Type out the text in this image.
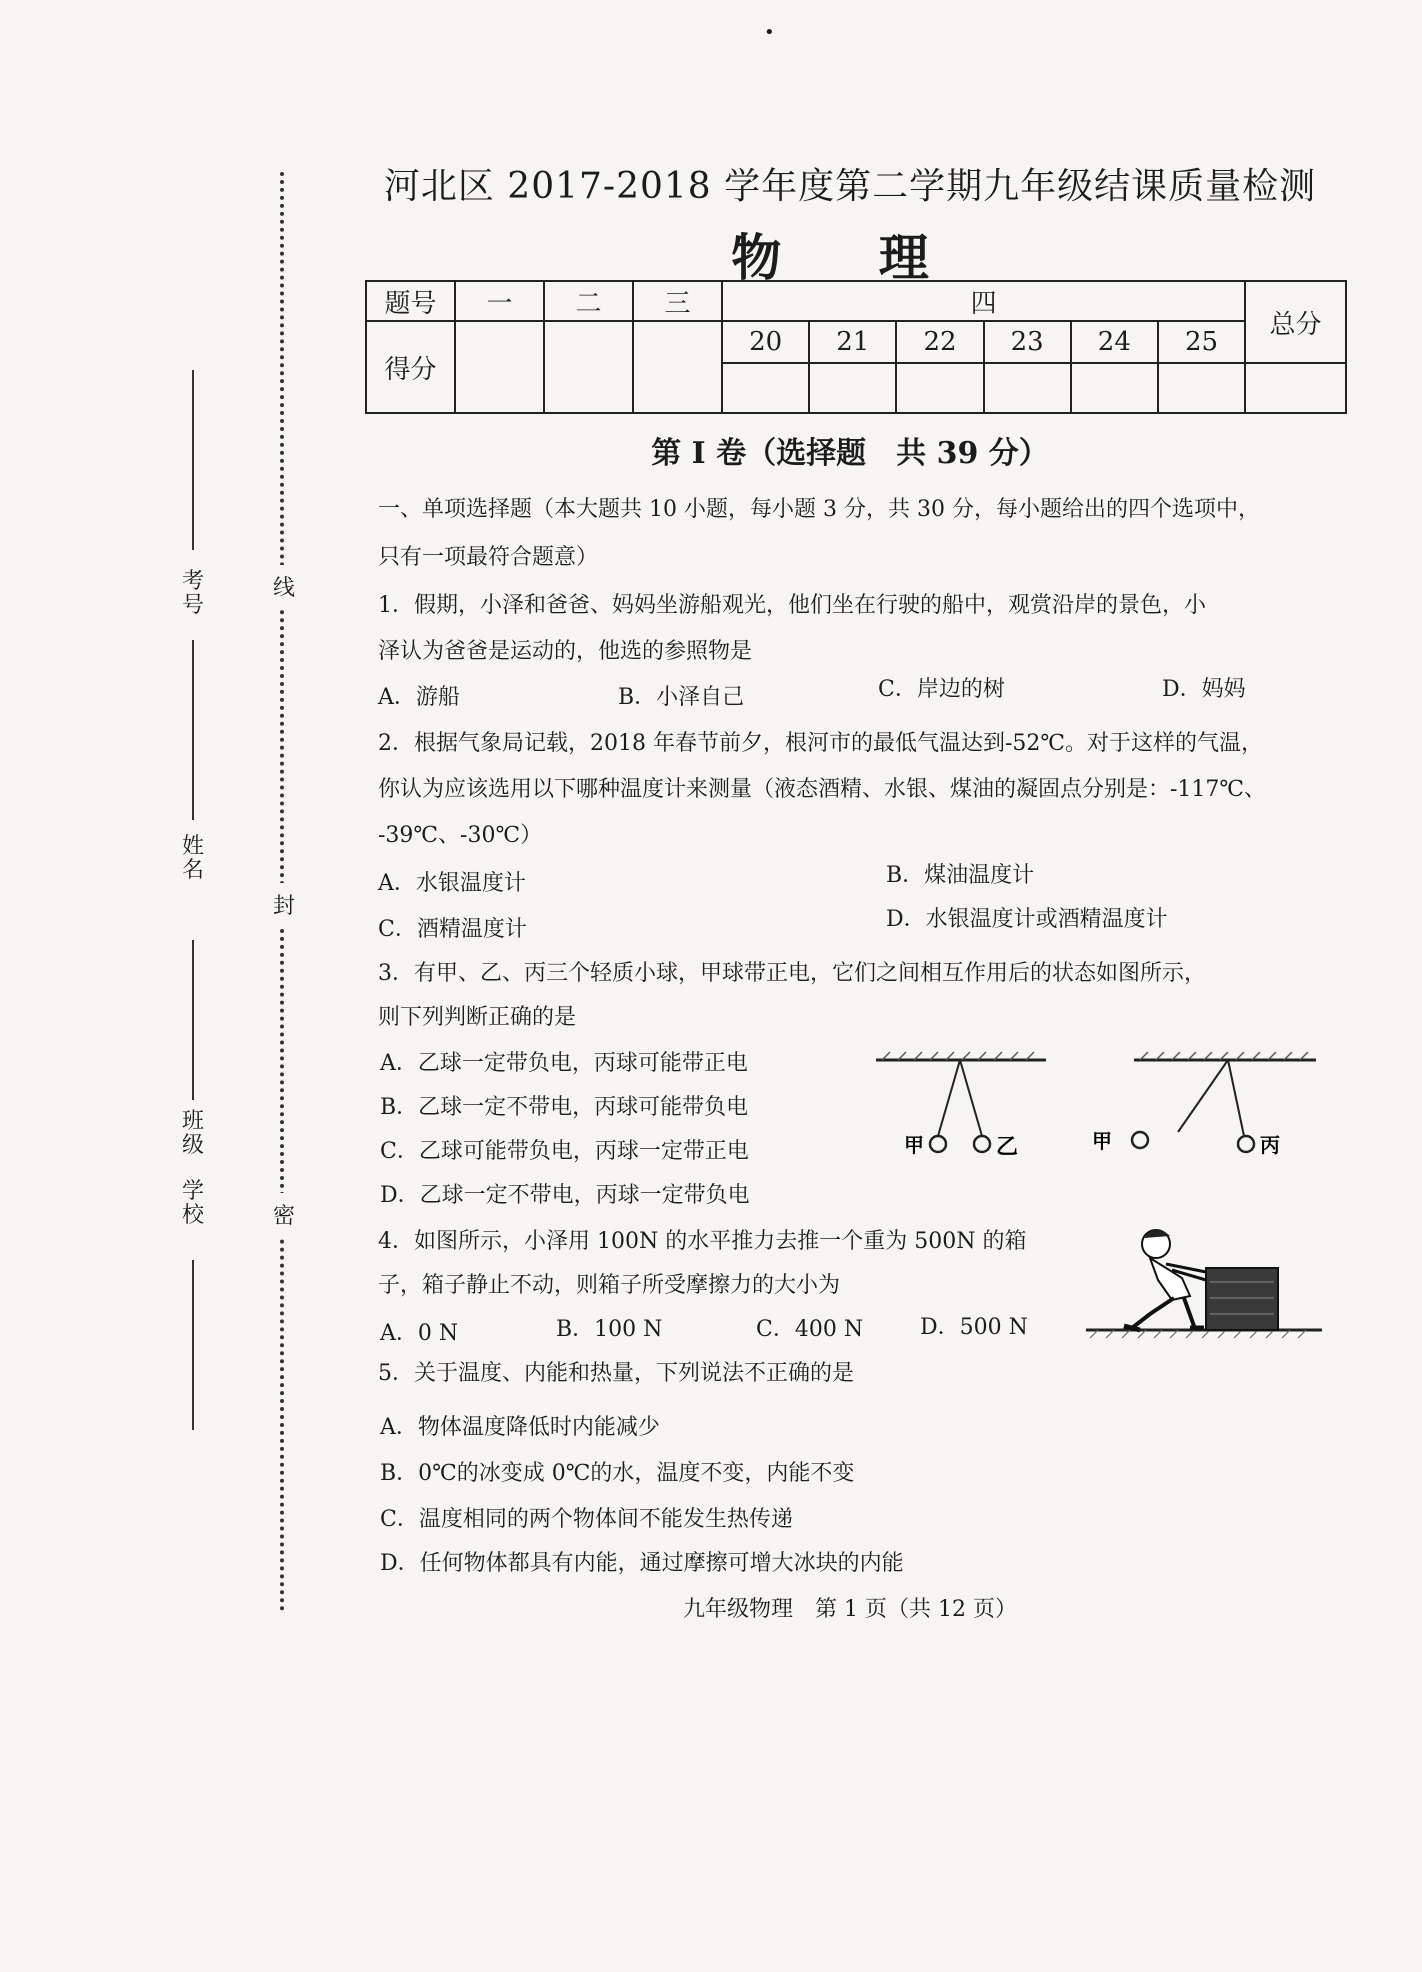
线
封
密
考号
姓名
班级
学校
•
河北区 2017-2018 学年度第二学期九年级结课质量检测
物 理
题号	一	二	三	四						总分
得分				20	21	22	23	24	25	

第 I 卷（选择题　共 39 分）
一、单项选择题（本大题共 10 小题，每小题 3 分，共 30 分，每小题给出的四个选项中，
只有一项最符合题意）
1．假期，小泽和爸爸、妈妈坐游船观光，他们坐在行驶的船中，观赏沿岸的景色，小
泽认为爸爸是运动的，他选的参照物是
A．游船	B．小泽自己	C．岸边的树	D．妈妈
2．根据气象局记载，2018 年春节前夕，根河市的最低气温达到-52℃。对于这样的气温，
你认为应该选用以下哪种温度计来测量（液态酒精、水银、煤油的凝固点分别是：-117℃、
-39℃、-30℃）
A．水银温度计	B．煤油温度计
C．酒精温度计	D．水银温度计或酒精温度计
3．有甲、乙、丙三个轻质小球，甲球带正电，它们之间相互作用后的状态如图所示，
则下列判断正确的是
A．乙球一定带负电，丙球可能带正电
B．乙球一定不带电，丙球可能带负电
C．乙球可能带负电，丙球一定带正电
D．乙球一定不带电，丙球一定带负电
甲	乙	甲	丙
4．如图所示，小泽用 100N 的水平推力去推一个重为 500N 的箱
子，箱子静止不动，则箱子所受摩擦力的大小为
A．0 N	B．100 N	C．400 N	D．500 N
5．关于温度、内能和热量，下列说法不正确的是
A．物体温度降低时内能减少
B．0℃的冰变成 0℃的水，温度不变，内能不变
C．温度相同的两个物体间不能发生热传递
D．任何物体都具有内能，通过摩擦可增大冰块的内能
九年级物理　第 1 页（共 12 页）
